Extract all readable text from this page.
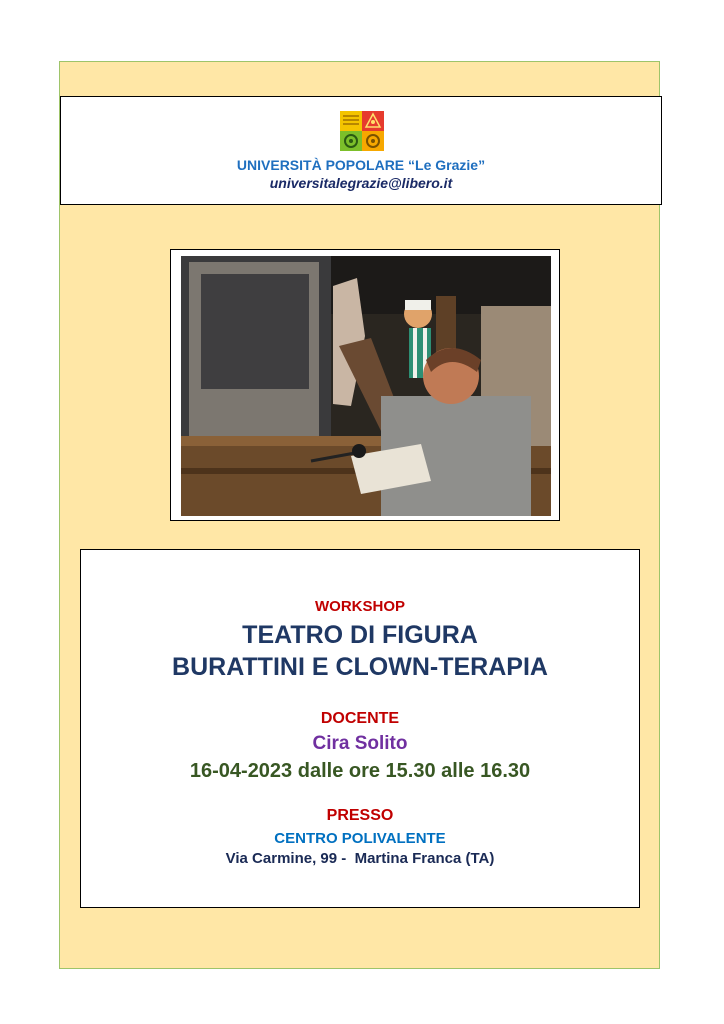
UNIVERSITÀ POPOLARE “Le Grazie”
universitalegrazie@libero.it
WORKSHOP
TEATRO DI FIGURA
BURATTINI E CLOWN-TERAPIA
DOCENTE
Cira Solito
16-04-2023 dalle ore 15.30 alle 16.30
PRESSO
CENTRO POLIVALENTE
Via Carmine, 99 -  Martina Franca (TA)
